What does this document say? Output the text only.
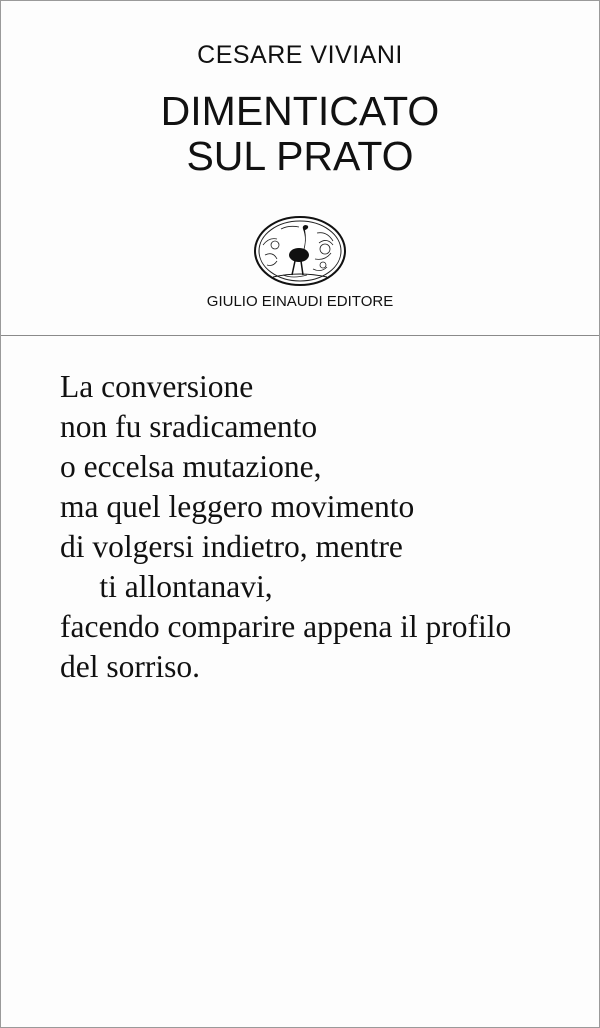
CESARE VIVIANI
DIMENTICATO
SUL PRATO
GIULIO EINAUDI EDITORE
La conversione
non fu sradicamento
o eccelsa mutazione,
ma quel leggero movimento
di volgersi indietro, mentre
ti allontanavi,
facendo comparire appena il profilo
del sorriso.
